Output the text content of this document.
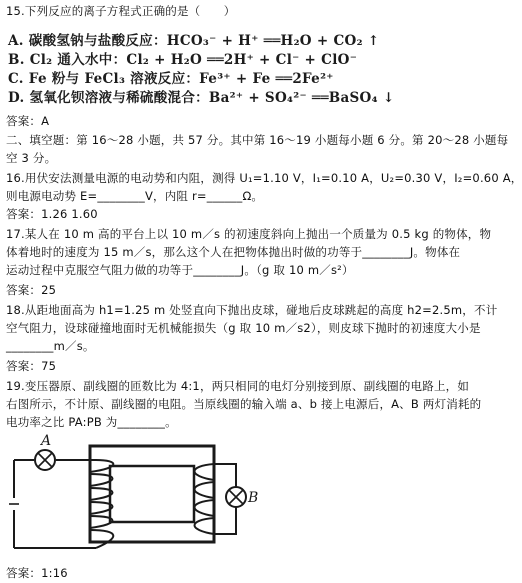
15.下列反应的离子方程式正确的是（　　）
A. 碳酸氢钠与盐酸反应：HCO₃⁻ + H⁺ ══H₂O + CO₂ ↑
B. Cl₂ 通入水中：Cl₂ + H₂O ══2H⁺ + Cl⁻ + ClO⁻
C. Fe 粉与 FeCl₃ 溶液反应：Fe³⁺ + Fe ══2Fe²⁺
D. 氢氧化钡溶液与稀硫酸混合：Ba²⁺ + SO₄²⁻ ══BaSO₄ ↓
答案：A
二、填空题：第 16～28 小题，共 57 分。其中第 16～19 小题每小题 6 分。第 20～28 小题每
空 3 分。
16.用伏安法测量电源的电动势和内阻，测得 U₁=1.10 V，I₁=0.10 A，U₂=0.30 V，I₂=0.60 A，
则电源电动势 E=________V，内阻 r=______Ω。
答案：1.26 1.60
17.某人在 10 m 高的平台上以 10 m／s 的初速度斜向上抛出一个质量为 0.5 kg 的物体，物
体着地时的速度为 15 m／s，那么这个人在把物体抛出时做的功等于________J。物体在
运动过程中克服空气阻力做的功等于________J。（g 取 10 m／s²）
答案：25
18.从距地面高为 h1=1.25 m 处竖直向下抛出皮球，碰地后皮球跳起的高度 h2=2.5m，不计
空气阻力，设球碰撞地面时无机械能损失（g 取 10 m／s2），则皮球下抛时的初速度大小是
________m／s。
答案：75
19.变压器原、副线圈的匝数比为 4:1，两只相同的电灯分别接到原、副线圈的电路上，如
右图所示，不计原、副线圈的电阻。当原线圈的输入端 a、b 接上电源后，A、B 两灯消耗的
电功率之比 PA:PB 为________。
A
B
答案：1:16
